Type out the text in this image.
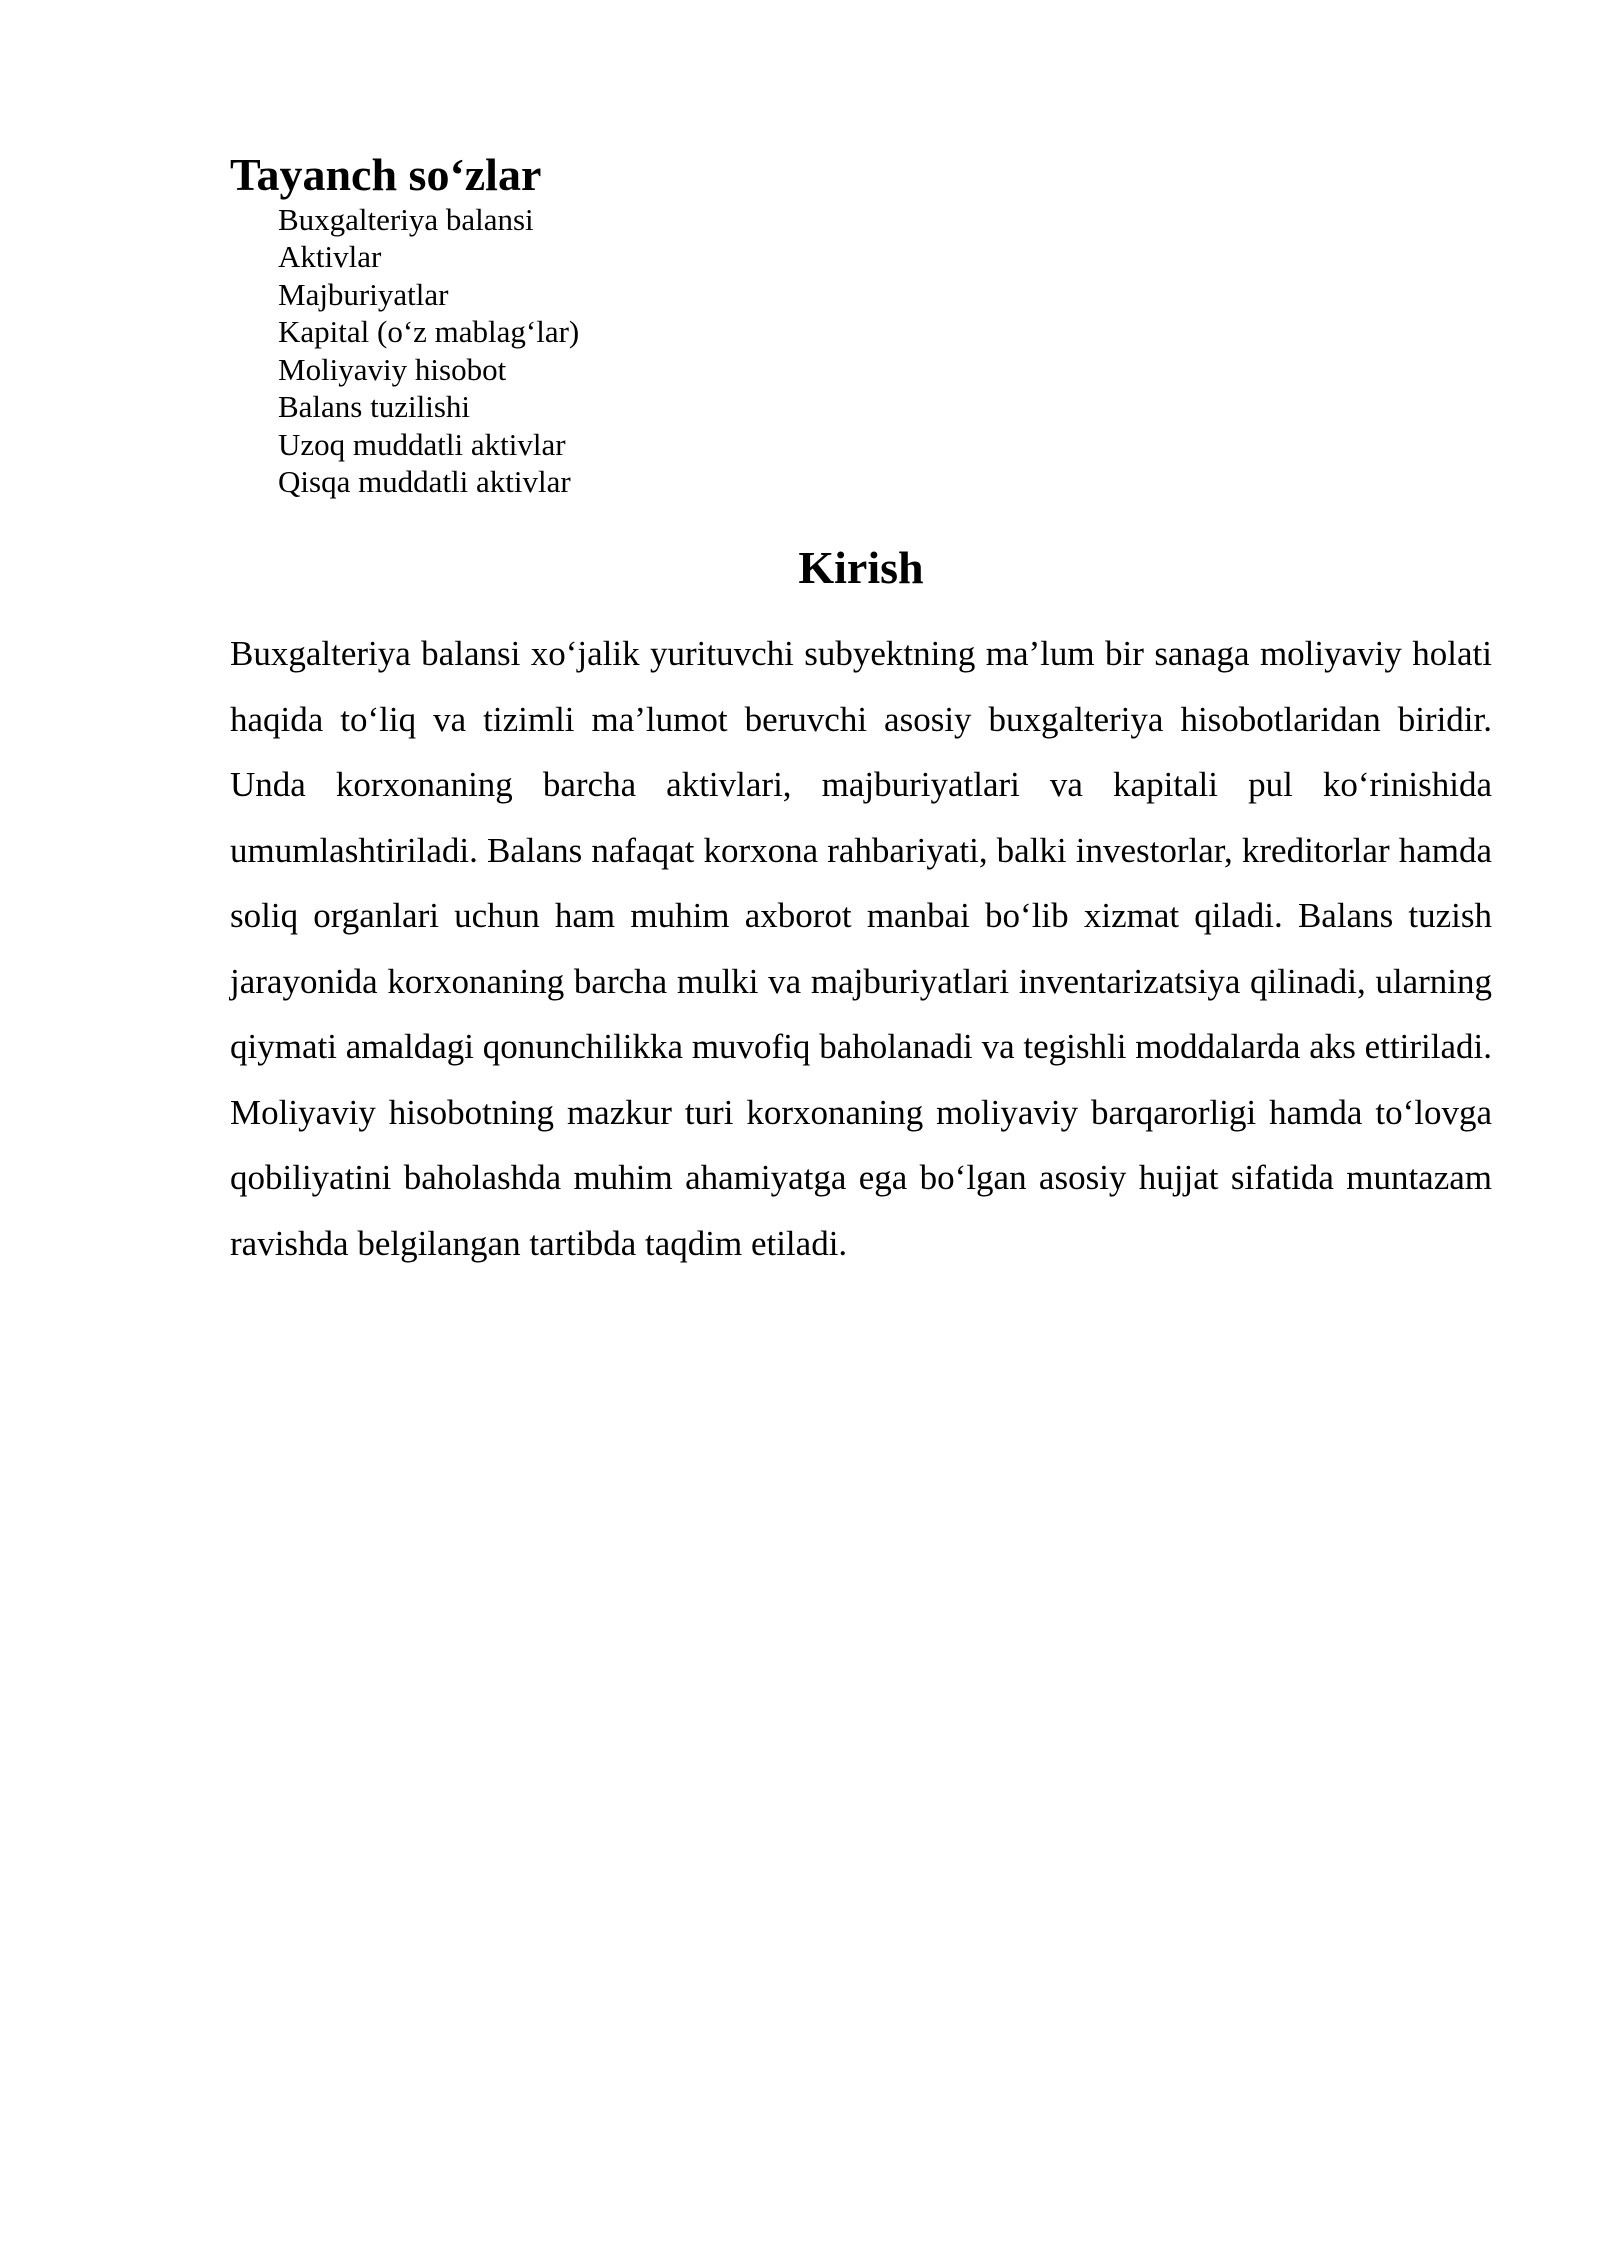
Tayanch so‘zlar
Buxgalteriya balansi
Aktivlar
Majburiyatlar
Kapital (o‘z mablag‘lar)
Moliyaviy hisobot
Balans tuzilishi
Uzoq muddatli aktivlar
Qisqa muddatli aktivlar
Kirish

Buxgalteriya balansi xo‘jalik yurituvchi subyektning ma’lum bir sanaga moliyaviy holati haqida to‘liq va tizimli ma’lumot beruvchi asosiy buxgalteriya hisobotlaridan biridir. Unda korxonaning barcha aktivlari, majburiyatlari va kapitali pul ko‘rinishida umumlashtiriladi. Balans nafaqat korxona rahbariyati, balki investorlar, kreditorlar hamda soliq organlari uchun ham muhim axborot manbai bo‘lib xizmat qiladi. Balans tuzish jarayonida korxonaning barcha mulki va majburiyatlari inventarizatsiya qilinadi, ularning qiymati amaldagi qonunchilikka muvofiq baholanadi va tegishli moddalarda aks ettiriladi. Moliyaviy hisobotning mazkur turi korxonaning moliyaviy barqarorligi hamda to‘lovga qobiliyatini baholashda muhim ahamiyatga ega bo‘lgan asosiy hujjat sifatida muntazam ravishda belgilangan tartibda taqdim etiladi.
